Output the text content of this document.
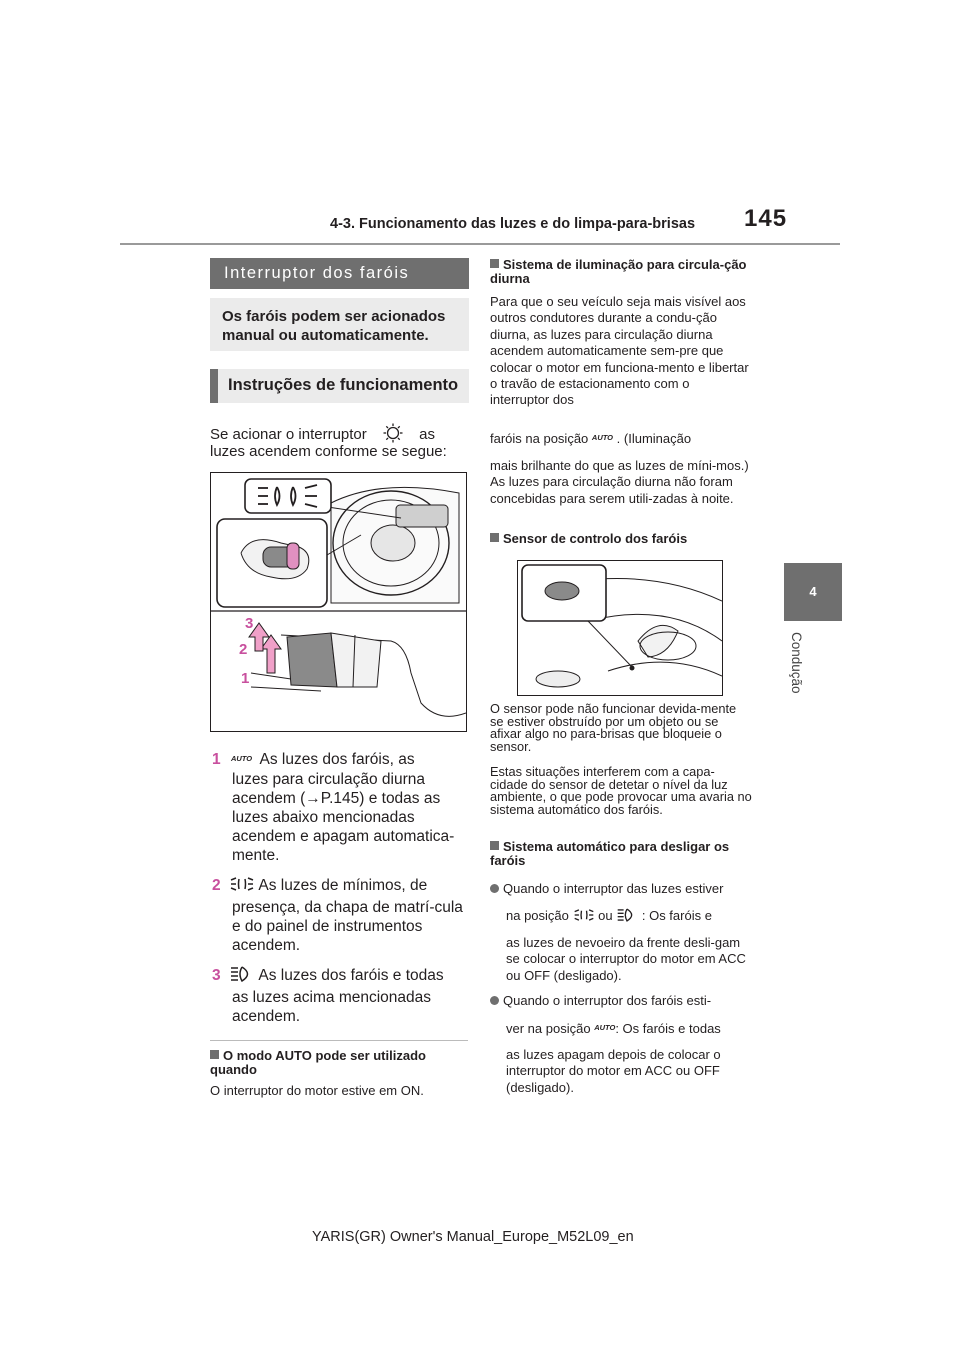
4-3. Funcionamento das luzes e do limpa-para-brisas 145
4
Condução
Interruptor dos faróis
Os faróis podem ser acionados manual ou automaticamente.
Instruções de funcionamento
Se acionar o interruptor	as
luzes acendem conforme se segue:
3
2
1
1 AUTO As luzes dos faróis, as
luzes para circulação diurna acendem (→P.145) e todas as luzes abaixo mencionadas acendem e apagam automatica-mente.
2 As luzes de mínimos, de
presença, da chapa de matrí-cula e do painel de instrumentos acendem.
3 As luzes dos faróis e todas
as luzes acima mencionadas acendem.
O modo AUTO pode ser utilizado quando
O interruptor do motor estive em ON.
Sistema de iluminação para circula-ção diurna
Para que o seu veículo seja mais visível aos outros condutores durante a condu-ção diurna, as luzes para circulação diurna acendem automaticamente sem-pre que colocar o motor em funciona-mento e libertar o travão de estacionamento com o interruptor dos
faróis na posição AUTO . (Iluminação
mais brilhante do que as luzes de míni-mos.) As luzes para circulação diurna não foram concebidas para serem utili-zadas à noite.
Sensor de controlo dos faróis
O sensor pode não funcionar devida-mente se estiver obstruído por um objeto ou se afixar algo no para-brisas que bloqueie o sensor.
Estas situações interferem com a capa-cidade do sensor de detetar o nível da luz ambiente, o que pode provocar uma avaria no sistema automático dos faróis.
Sistema automático para desligar os faróis
Quando o interruptor das luzes estiver
na posição ou : Os faróis e
as luzes de nevoeiro da frente desli-gam se colocar o interruptor do motor em ACC ou OFF (desligado).
Quando o interruptor dos faróis esti-
ver na posição AUTO: Os faróis e todas
as luzes apagam depois de colocar o interruptor do motor em ACC ou OFF (desligado).
YARIS(GR) Owner's Manual_Europe_M52L09_en
